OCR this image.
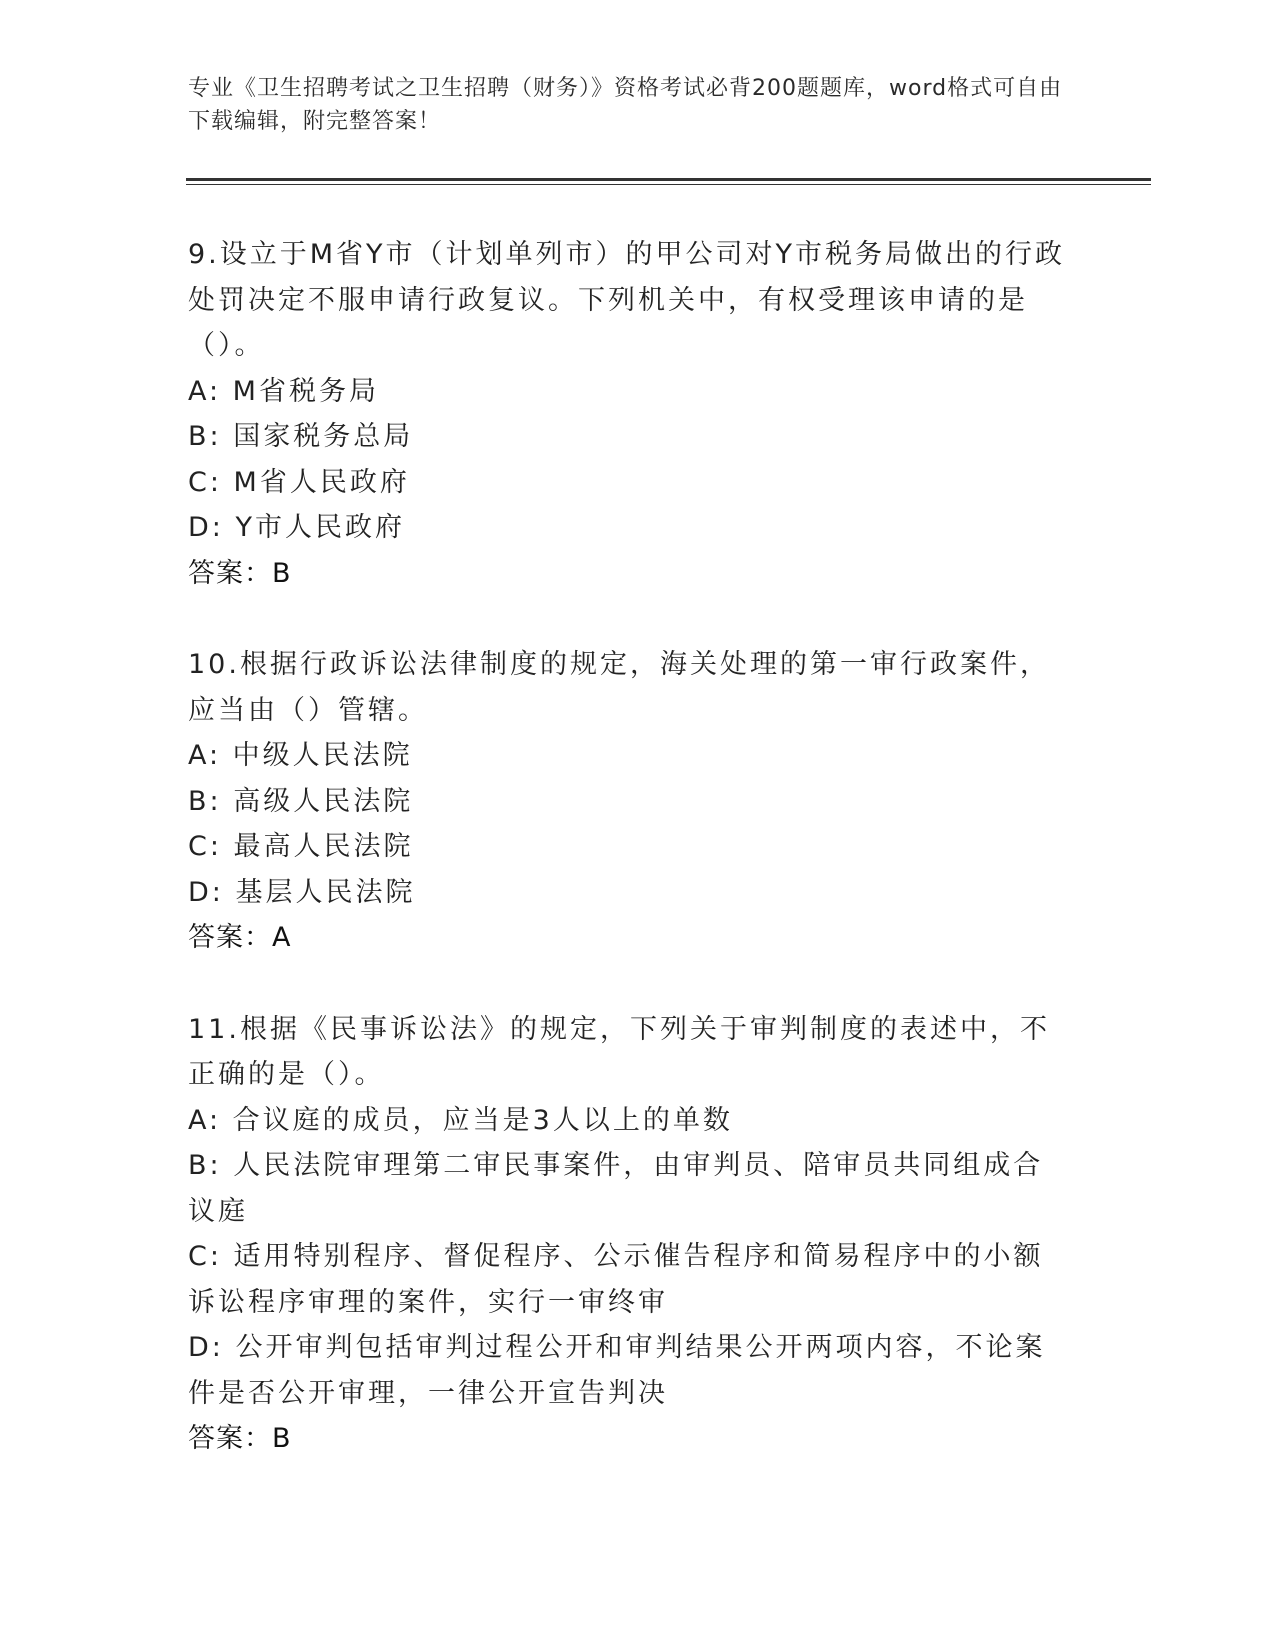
专业《卫生招聘考试之卫生招聘（财务）》资格考试必背200题题库，word格式可自由下载编辑，附完整答案！
9.设立于M省Y市（计划单列市）的甲公司对Y市税务局做出的行政处罚决定不服申请行政复议。下列机关中，有权受理该申请的是（）。
A: M省税务局
B: 国家税务总局
C: M省人民政府
D: Y市人民政府
答案：B
10.根据行政诉讼法律制度的规定，海关处理的第一审行政案件，应当由（）管辖。
A: 中级人民法院
B: 高级人民法院
C: 最高人民法院
D: 基层人民法院
答案：A
11.根据《民事诉讼法》的规定，下列关于审判制度的表述中，不正确的是（）。
A: 合议庭的成员，应当是3人以上的单数
B: 人民法院审理第二审民事案件，由审判员、陪审员共同组成合议庭
C: 适用特别程序、督促程序、公示催告程序和简易程序中的小额诉讼程序审理的案件，实行一审终审
D: 公开审判包括审判过程公开和审判结果公开两项内容，不论案件是否公开审理，一律公开宣告判决
答案：B
